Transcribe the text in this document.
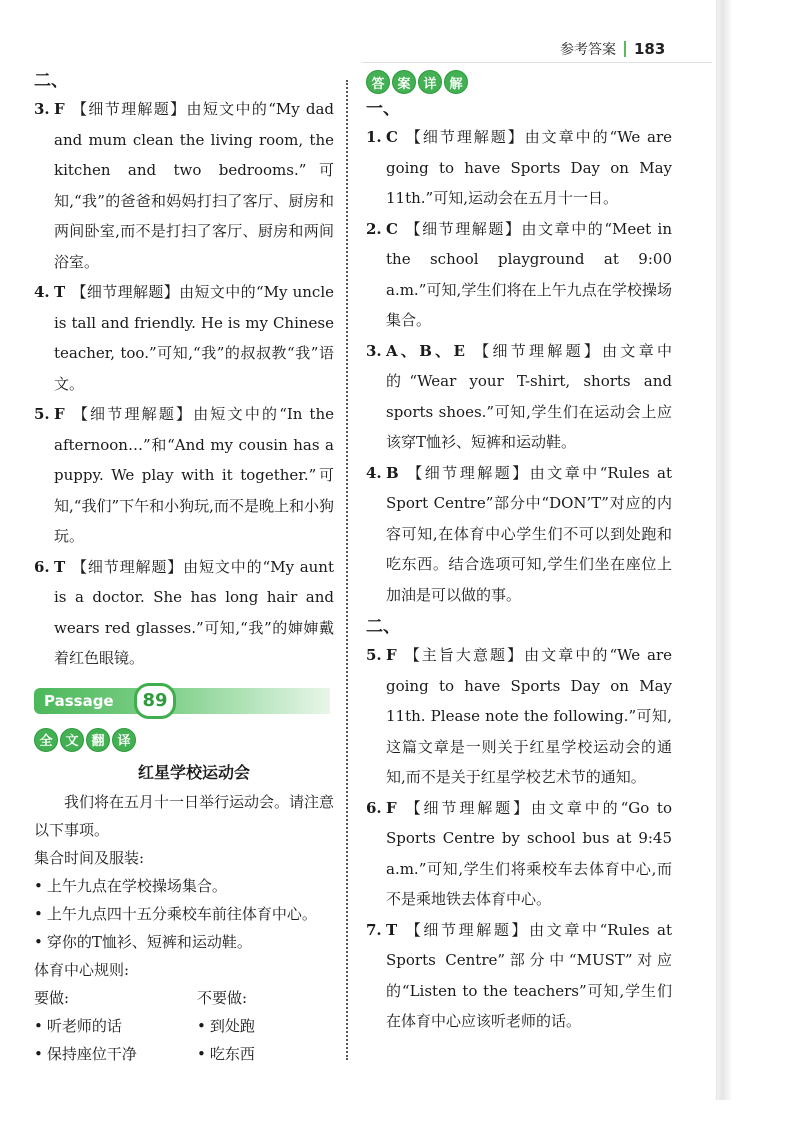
参考答案 183
二、
3. F 【细节理解题】由短文中的“My dad and mum clean the living room, the kitchen and two bedrooms.”可知,“我”的爸爸和妈妈打扫了客厅、厨房和两间卧室,而不是打扫了客厅、厨房和两间浴室。
4. T 【细节理解题】由短文中的“My uncle is tall and friendly. He is my Chinese teacher, too.”可知,“我”的叔叔教“我”语文。
5. F 【细节理解题】由短文中的“In the afternoon…”和“And my cousin has a puppy. We play with it together.”可知,“我们”下午和小狗玩,而不是晚上和小狗玩。
6. T 【细节理解题】由短文中的“My aunt is a doctor. She has long hair and wears red glasses.”可知,“我”的婶婶戴着红色眼镜。
Passage	89
全 文 翻 译
红星学校运动会
我们将在五月十一日举行运动会。请注意以下事项。
集合时间及服装:
• 上午九点在学校操场集合。
• 上午九点四十五分乘校车前往体育中心。
• 穿你的T恤衫、短裤和运动鞋。
体育中心规则:
要做:	不要做:
• 听老师的话	• 到处跑
• 保持座位干净	• 吃东西
答 案 详 解
一、
1. C 【细节理解题】由文章中的“We are going to have Sports Day on May 11th.”可知,运动会在五月十一日。
2. C 【细节理解题】由文章中的“Meet in the school playground at 9:00 a.m.”可知,学生们将在上午九点在学校操场集合。
3. A、B、E 【细节理解题】由文章中的“Wear your T-shirt, shorts and sports shoes.”可知,学生们在运动会上应该穿T恤衫、短裤和运动鞋。
4. B 【细节理解题】由文章中“Rules at Sport Centre”部分中“DON’T”对应的内容可知,在体育中心学生们不可以到处跑和吃东西。结合选项可知,学生们坐在座位上加油是可以做的事。
二、
5. F 【主旨大意题】由文章中的“We are going to have Sports Day on May 11th. Please note the following.”可知,这篇文章是一则关于红星学校运动会的通知,而不是关于红星学校艺术节的通知。
6. F 【细节理解题】由文章中的“Go to Sports Centre by school bus at 9:45 a.m.”可知,学生们将乘校车去体育中心,而不是乘地铁去体育中心。
7. T 【细节理解题】由文章中“Rules at Sports Centre”部分中“MUST”对应的“Listen to the teachers”可知,学生们在体育中心应该听老师的话。
